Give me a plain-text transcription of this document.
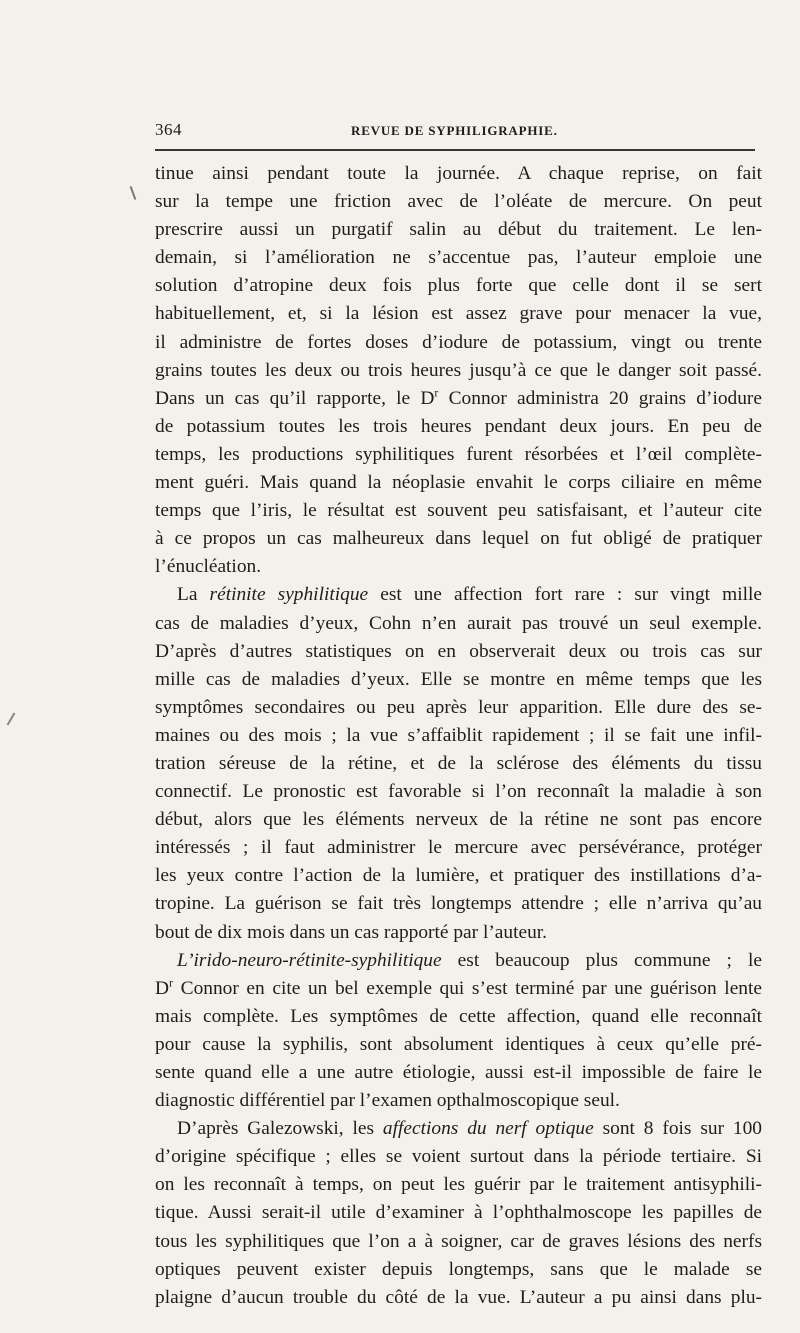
364	REVUE DE SYPHILIGRAPHIE.

tinue ainsi pendant toute la journée. A chaque reprise, on fait
sur la tempe une friction avec de l’oléate de mercure. On peut
prescrire aussi un purgatif salin au début du traitement. Le len-
demain, si l’amélioration ne s’accentue pas, l’auteur emploie une
solution d’atropine deux fois plus forte que celle dont il se sert
habituellement, et, si la lésion est assez grave pour menacer la vue,
il administre de fortes doses d’iodure de potassium, vingt ou trente
grains toutes les deux ou trois heures jusqu’à ce que le danger soit passé.
Dans un cas qu’il rapporte, le $D^r$ Connor administra 20 grains d’iodure
de potassium toutes les trois heures pendant deux jours. En peu de
temps, les productions syphilitiques furent résorbées et l’œil complète-
ment guéri. Mais quand la néoplasie envahit le corps ciliaire en même
temps que l’iris, le résultat est souvent peu satisfaisant, et l’auteur cite
à ce propos un cas malheureux dans lequel on fut obligé de pratiquer
l’énucléation.

La rétinite syphilitique est une affection fort rare : sur vingt mille
cas de maladies d’yeux, Cohn n’en aurait pas trouvé un seul exemple.
D’après d’autres statistiques on en observerait deux ou trois cas sur
mille cas de maladies d’yeux. Elle se montre en même temps que les
symptômes secondaires ou peu après leur apparition. Elle dure des se-
maines ou des mois ; la vue s’affaiblit rapidement ; il se fait une infil-
tration séreuse de la rétine, et de la sclérose des éléments du tissu
connectif. Le pronostic est favorable si l’on reconnaît la maladie à son
début, alors que les éléments nerveux de la rétine ne sont pas encore
intéressés ; il faut administrer le mercure avec persévérance, protéger
les yeux contre l’action de la lumière, et pratiquer des instillations d’a-
tropine. La guérison se fait très longtemps attendre ; elle n’arriva qu’au
bout de dix mois dans un cas rapporté par l’auteur.

L’irido-neuro-rétinite-syphilitique est beaucoup plus commune ; le
$D^r$ Connor en cite un bel exemple qui s’est terminé par une guérison lente
mais complète. Les symptômes de cette affection, quand elle reconnaît
pour cause la syphilis, sont absolument identiques à ceux qu’elle pré-
sente quand elle a une autre étiologie, aussi est-il impossible de faire le
diagnostic différentiel par l’examen opthalmoscopique seul.

D’après Galezowski, les affections du nerf optique sont 8 fois sur 100
d’origine spécifique ; elles se voient surtout dans la période tertiaire. Si
on les reconnaît à temps, on peut les guérir par le traitement antisyphili-
tique. Aussi serait-il utile d’examiner à l’ophthalmoscope les papilles de
tous les syphilitiques que l’on a à soigner, car de graves lésions des nerfs
optiques peuvent exister depuis longtemps, sans que le malade se
plaigne d’aucun trouble du côté de la vue. L’auteur a pu ainsi dans plu-
